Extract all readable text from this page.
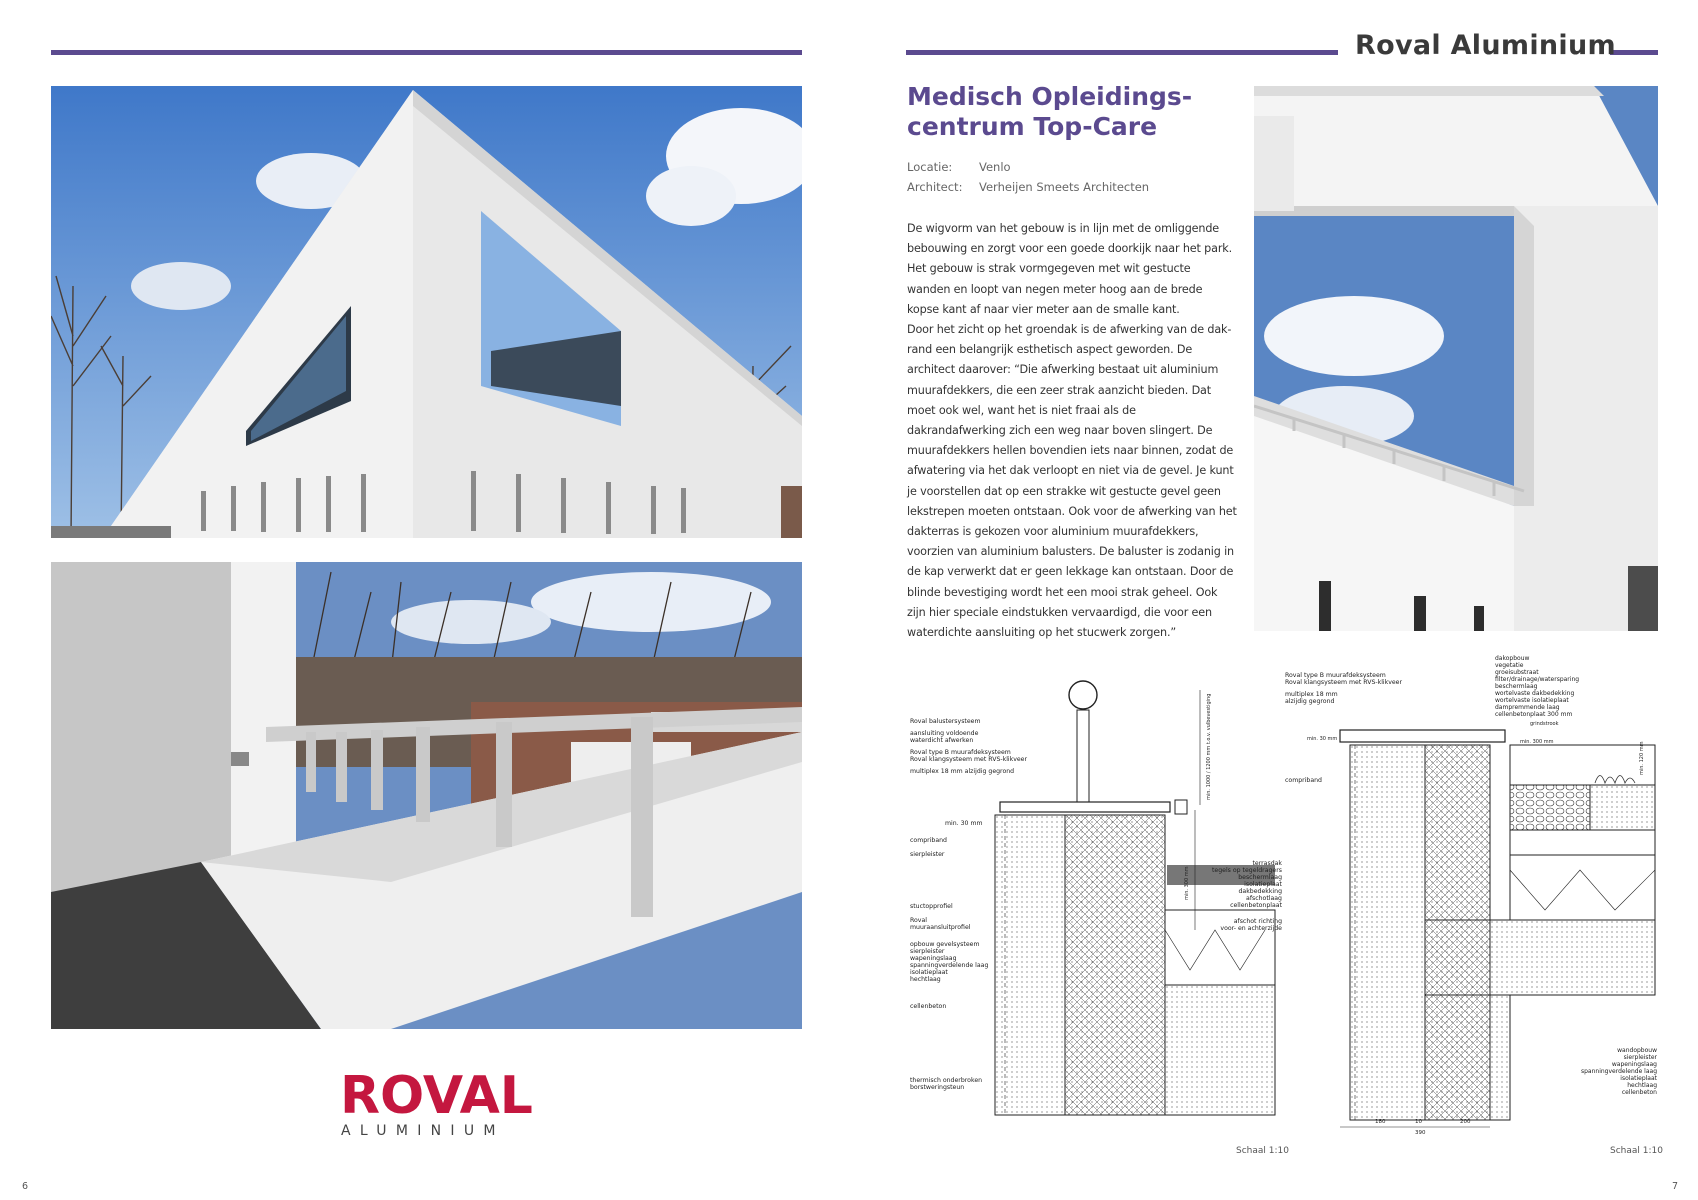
Roval Aluminium
Medisch Opleidings-
centrum Top-Care
Locatie: Venlo
Architect: Verheijen Smeets Architecten

De wigvorm van het gebouw is in lijn met de omliggende bebouwing en zorgt voor een goede doorkijk naar het park. Het gebouw is strak vormgegeven met wit gestucte wanden en loopt van negen meter hoog aan de brede kopse kant af naar vier meter aan de smalle kant.

Door het zicht op het groendak is de afwerking van de dak-rand een belangrijk esthetisch aspect geworden. De architect daarover: “Die afwerking bestaat uit aluminium muurafdekkers, die een zeer strak aanzicht bieden. Dat moet ook wel, want het is niet fraai als de dakrandafwerking zich een weg naar boven slingert. De muurafdekkers hellen bovendien iets naar binnen, zodat de afwatering via het dak verloopt en niet via de gevel. Je kunt je voorstellen dat op een strakke wit gestucte gevel geen lekstrepen moeten ontstaan. Ook voor de afwerking van het dakterras is gekozen voor aluminium muurafdekkers, voorzien van aluminium balusters. De baluster is zodanig in de kap verwerkt dat er geen lekkage kan ontstaan. Door de blinde bevestiging wordt het een mooi strak geheel. Ook zijn hier speciale eindstukken vervaardigd, die voor een waterdichte aansluiting op het stucwerk zorgen.”

ROVAL
ALUMINIUM
Roval balustersysteem
aansluiting voldoende
waterdicht afwerken
Roval type B muurafdeksysteem
Roval klangsysteem met RVS-klikveer
multiplex 18 mm alzijdig gegrond
min. 30 mm
compriband
sierpleister
stuctopprofiel
Roval
muuraansluitprofiel
opbouw gevelsysteem
sierpleister
wapeningslaag
spanningverdelende laag
isolatieplaat
hechtlaag
cellenbeton
thermisch onderbroken
borstweringsteun
terrasdak
tegels op tegeldragers
beschermlaag
isolatieplaat
dakbedekking
afschotlaag
cellenbetonplaat
afschot richting
voor- en achterzijde
min. 1000 / 1200 mm t.o.v. vulbevestiging
min. 300 mm
Schaal 1:10
Roval type B muurafdeksysteem
Roval klangsysteem met RVS-klikveer
multiplex 18 mm
alzijdig gegrond
compriband
dakopbouw
vegetatie
groeisubstraat
filter/drainage/watersparing
beschermlaag
wortelvaste dakbedekking
wortelvaste isolatieplaat
dampremmende laag
cellenbetonplaat 300 mm
wandopbouw
sierpleister
wapeningslaag
spanningverdelende laag
isolatieplaat
hechtlaag
cellenbeton
grindstrook
min. 300 mm
min. 30 mm
min. 120 mm
180	10	200
390
Schaal 1:10
6	7
